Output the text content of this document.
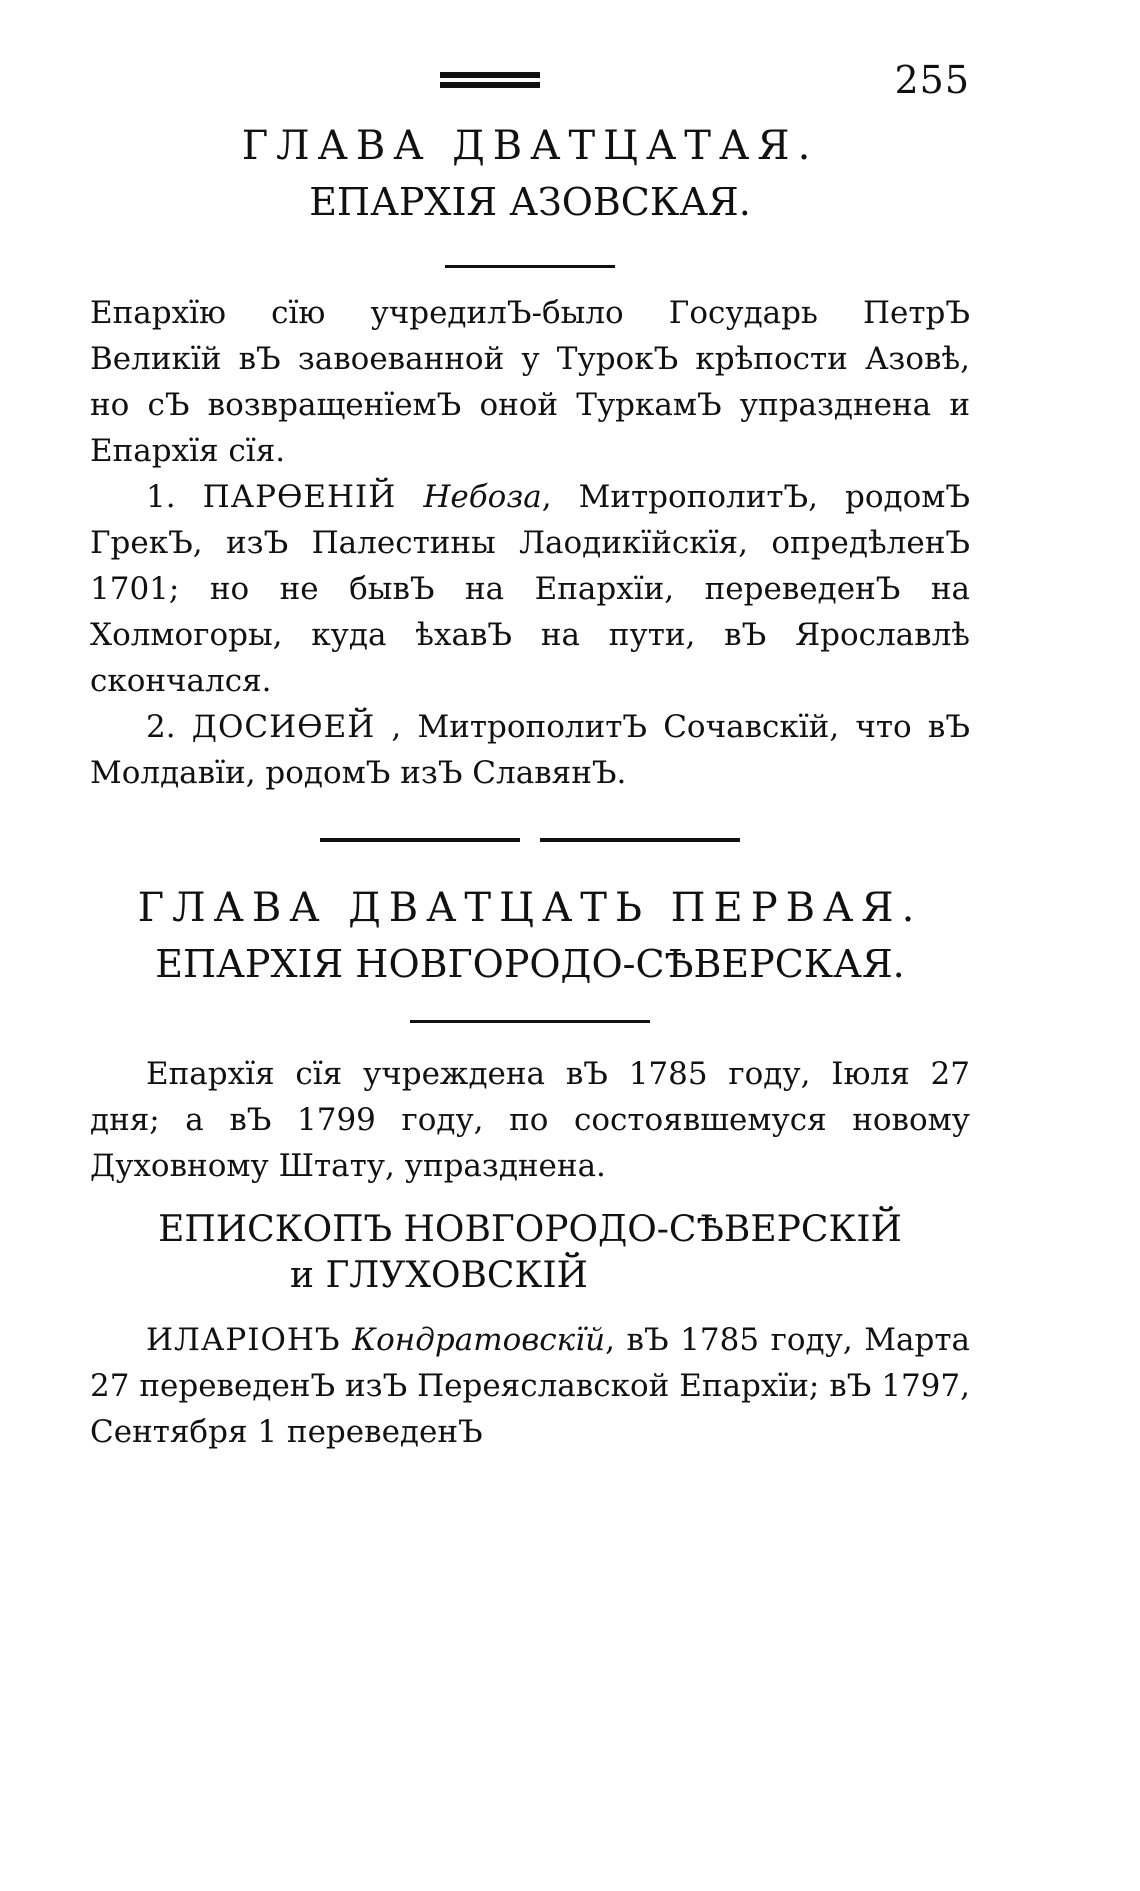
255
ГЛАВА ДВАТЦАТАЯ.
ЕПАРХІЯ АЗОВСКАЯ.

Епархїю сїю учредилЪ-было Государь ПетрЪ Великїй вЪ завоеванной у ТурокЪ крѣпости Азовѣ, но сЪ возвращенїемЪ оной ТуркамЪ упразднена и Епархїя сїя.

1. ПАРѲЕНІЙ Небоза, МитрополитЪ, родомЪ ГрекЪ, изЪ Палестины Лаодикїйскїя, опредѣленЪ 1701; но не бывЪ на Епархїи, переведенЪ на Холмогоры, куда ѣхавЪ на пути, вЪ Ярославлѣ скончался.

2. ДОСИѲЕЙ , МитрополитЪ Сочавскїй, что вЪ Молдавїи, родомЪ изЪ СлавянЪ.

ГЛАВА ДВАТЦАТЬ ПЕРВАЯ.
ЕПАРХІЯ НОВГОРОДО-СѢВЕРСКАЯ.

Епархїя сїя учреждена вЪ 1785 году, Іюля 27 дня; а вЪ 1799 году, по состоявшемуся новому Духовному Штату, упразднена.

ЕПИСКОПЪ НОВГОРОДО-СѢВЕРСКІЙ
и ГЛУХОВСКІЙ

ИЛАРІОНЪ Кондратовскїй, вЪ 1785 году, Марта 27 переведенЪ изЪ Переяславской Епархїи; вЪ 1797, Сентября 1 переведенЪ
